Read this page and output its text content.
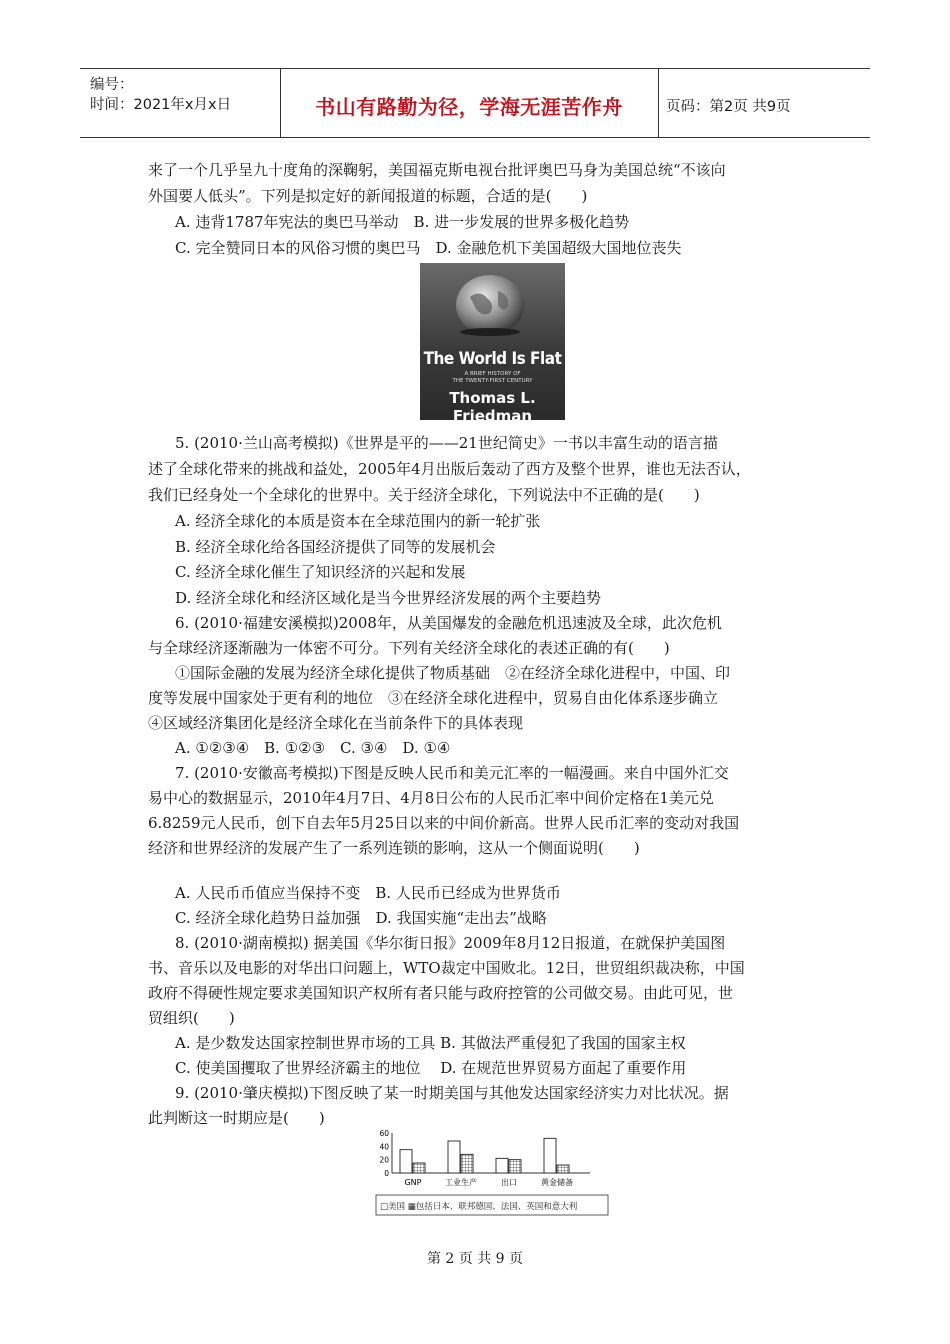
编号：
时间：2021年x月x日	书山有路勤为径，学海无涯苦作舟	页码：第2页 共9页
来了一个几乎呈九十度角的深鞠躬，美国福克斯电视台批评奥巴马身为美国总统“不该向
外国要人低头”。下列是拟定好的新闻报道的标题，合适的是(　　)
A. 违背1787年宪法的奥巴马举动　B. 进一步发展的世界多极化趋势
C. 完全赞同日本的风俗习惯的奥巴马　D. 金融危机下美国超级大国地位丧失
5. (2010·兰山高考模拟)《世界是平的——21世纪简史》一书以丰富生动的语言描
述了全球化带来的挑战和益处，2005年4月出版后轰动了西方及整个世界，谁也无法否认，
我们已经身处一个全球化的世界中。关于经济全球化，下列说法中不正确的是(　　)
A. 经济全球化的本质是资本在全球范围内的新一轮扩张
B. 经济全球化给各国经济提供了同等的发展机会
C. 经济全球化催生了知识经济的兴起和发展
D. 经济全球化和经济区域化是当今世界经济发展的两个主要趋势
6. (2010·福建安溪模拟)2008年，从美国爆发的金融危机迅速波及全球，此次危机
与全球经济逐渐融为一体密不可分。下列有关经济全球化的表述正确的有(　　)
①国际金融的发展为经济全球化提供了物质基础　②在经济全球化进程中，中国、印
度等发展中国家处于更有利的地位　③在经济全球化进程中，贸易自由化体系逐步确立
④区域经济集团化是经济全球化在当前条件下的具体表现
A. ①②③④　B. ①②③　C. ③④　D. ①④
7. (2010·安徽高考模拟)下图是反映人民币和美元汇率的一幅漫画。来自中国外汇交
易中心的数据显示，2010年4月7日、4月8日公布的人民币汇率中间价定格在1美元兑
6.8259元人民币，创下自去年5月25日以来的中间价新高。世界人民币汇率的变动对我国
经济和世界经济的发展产生了一系列连锁的影响，这从一个侧面说明(　　)
A. 人民币币值应当保持不变　B. 人民币已经成为世界货币
C. 经济全球化趋势日益加强　D. 我国实施“走出去”战略
8. (2010·湖南模拟) 据美国《华尔街日报》2009年8月12日报道，在就保护美国图
书、音乐以及电影的对华出口问题上，WTO裁定中国败北。12日，世贸组织裁决称，中国
政府不得硬性规定要求美国知识产权所有者只能与政府控管的公司做交易。由此可见，世
贸组织(　　)
A. 是少数发达国家控制世界市场的工具 B. 其做法严重侵犯了我国的国家主权
C. 使美国攫取了世界经济霸主的地位　 D. 在规范世界贸易方面起了重要作用
9. (2010·肇庆模拟)下图反映了某一时期美国与其他发达国家经济实力对比状况。据
此判断这一时期应是(　　)
The World Is Flat
A BRIEF HISTORY OF
THE TWENTY-FIRST CENTURY
Thomas L. Friedman
60
40
20
0
GNP	工业生产	出口	黄金储备
□美国 ▦包括日本、联邦德国、法国、英国和意大利
第 2 页 共 9 页
